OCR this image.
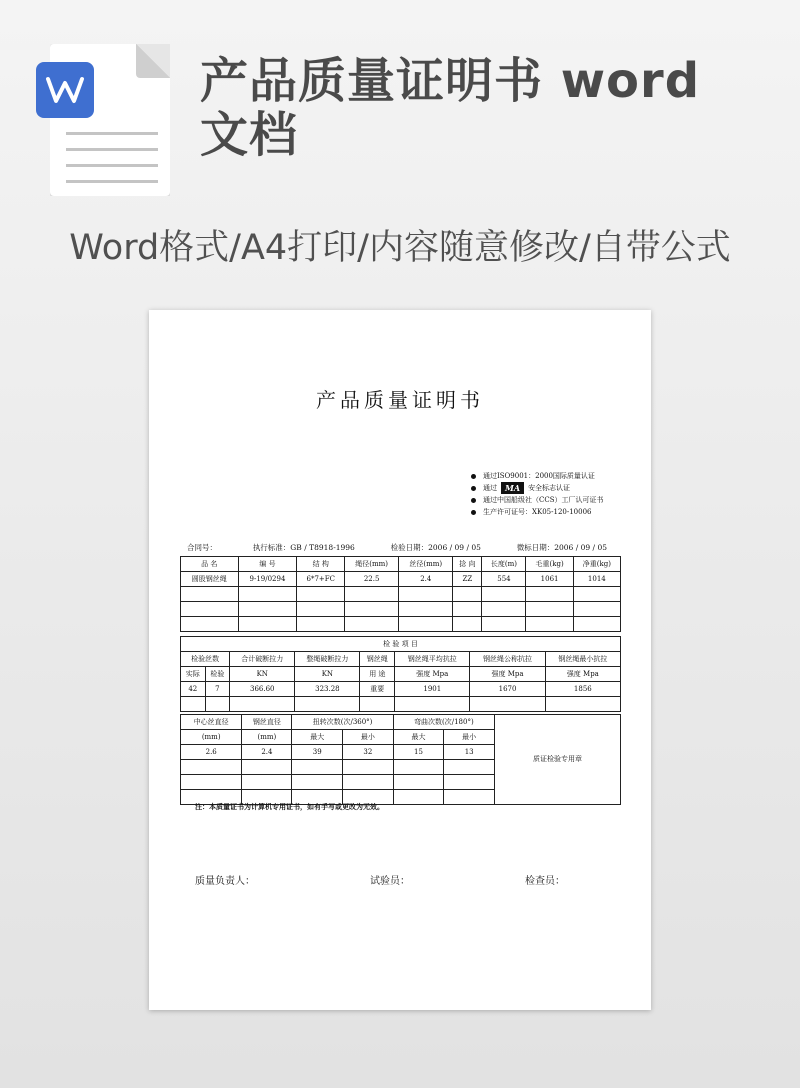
产品质量证明书 word文档
Word格式/A4打印/内容随意修改/自带公式
产品质量证明书
通过ISO9001：2000国际质量认证
通过	MA	安全标志认证
通过中国船级社（CCS）工厂认可证书
生产许可证号：XK05-120-10006
合同号：	执行标准：GB / T8918-1996	检验日期：2006 / 09 / 05	微标日期：2006 / 09 / 05
品 名	编 号	结 构	绳径(mm)	丝径(mm)	捻 向	长度(m)	毛重(kg)	净重(kg)
圆股钢丝绳	9-19/0294	6*7+FC	22.5	2.4	ZZ	554	1061	1014

检 验 项 目							
检验丝数		合计破断拉力	整绳破断拉力	钢丝绳	钢丝绳平均抗拉	钢丝绳公称抗拉	钢丝绳最小抗拉
实际	检验	KN	KN	用 途	强度 Mpa	强度 Mpa	强度 Mpa
42	7	366.60	323.28	重要	1901	1670	1856

中心丝直径	钢丝直径	扭转次数(次/360°)		弯曲次数(次/180°)		质证检验专用章
(mm)	(mm)	最大	最小	最大	最小	
2.6	2.4	39	32	15	13	

注：本质量证书为计算机专用证书，如有手写或更改为无效。
质量负责人：	试验员：	检查员：
